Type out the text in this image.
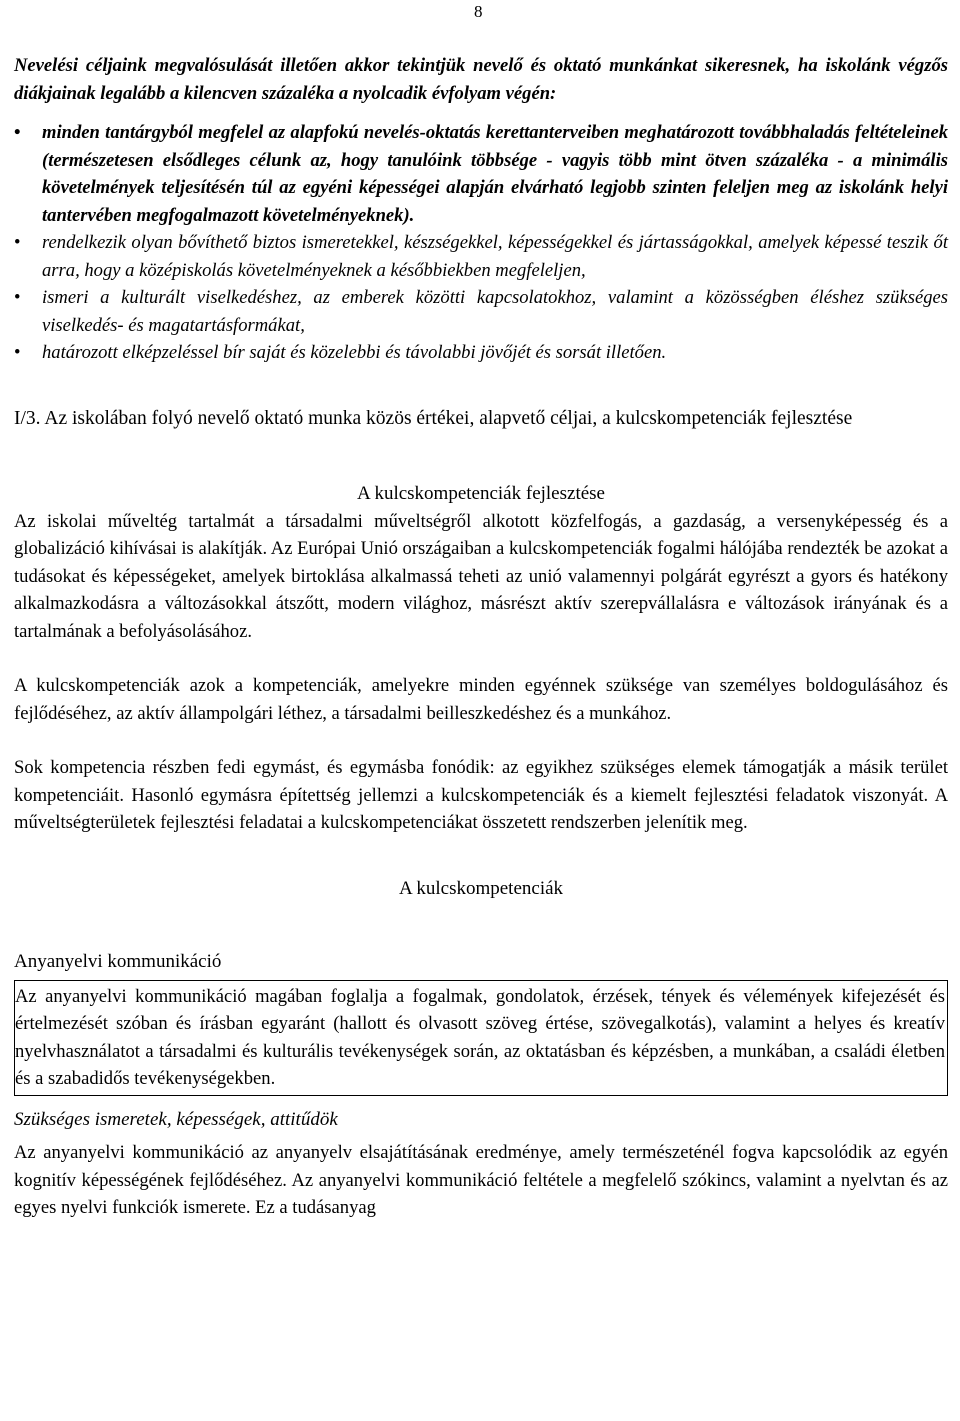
8

Nevelési céljaink megvalósulását illetően akkor tekintjük nevelő és oktató munkánkat sikeresnek, ha iskolánk végzős diákjainak legalább a kilencven százaléka a nyolcadik évfolyam végén:

• minden tantárgyból megfelel az alapfokú nevelés-oktatás kerettanterveiben meghatározott továbbhaladás feltételeinek (természetesen elsődleges célunk az, hogy tanulóink többsége - vagyis több mint ötven százaléka - a minimális követelmények teljesítésén túl az egyéni képességei alapján elvárható legjobb szinten feleljen meg az iskolánk helyi tantervében megfogalmazott követelményeknek).
• rendelkezik olyan bővíthető biztos ismeretekkel, készségekkel, képességekkel és jártasságokkal, amelyek képessé teszik őt arra, hogy a középiskolás követelményeknek a későbbiekben megfeleljen,
• ismeri a kulturált viselkedéshez, az emberek közötti kapcsolatokhoz, valamint a közösségben éléshez szükséges viselkedés- és magatartásformákat,
• határozott elképzeléssel bír saját és közelebbi és távolabbi jövőjét és sorsát illetően.
I/3. Az iskolában folyó nevelő oktató munka közös értékei, alapvető céljai, a kulcskompetenciák fejlesztése
A kulcskompetenciák fejlesztése

Az iskolai műveltég tartalmát a társadalmi műveltségről alkotott közfelfogás, a gazdaság, a versenyképesség és a globalizáció kihívásai is alakítják. Az Európai Unió országaiban a kulcskompetenciák fogalmi hálójába rendezték be azokat a tudásokat és képességeket, amelyek birtoklása alkalmassá teheti az unió valamennyi polgárát egyrészt a gyors és hatékony alkalmazkodásra a változásokkal átszőtt, modern világhoz, másrészt aktív szerepvállalásra e változások irányának és a tartalmának a befolyásolásához.

A kulcskompetenciák azok a kompetenciák, amelyekre minden egyénnek szüksége van személyes boldogulásához és fejlődéséhez, az aktív állampolgári léthez, a társadalmi beilleszkedéshez és a munkához.

Sok kompetencia részben fedi egymást, és egymásba fonódik: az egyikhez szükséges elemek támogatják a másik terület kompetenciáit. Hasonló egymásra építettség jellemzi a kulcskompetenciák és a kiemelt fejlesztési feladatok viszonyát. A műveltségterületek fejlesztési feladatai a kulcskompetenciákat összetett rendszerben jelenítik meg.

A kulcskompetenciák
Anyanyelvi kommunikáció

Az anyanyelvi kommunikáció magában foglalja a fogalmak, gondolatok, érzések, tények és vélemények kifejezését és értelmezését szóban és írásban egyaránt (hallott és olvasott szöveg értése, szövegalkotás), valamint a helyes és kreatív nyelvhasználatot a társadalmi és kulturális tevékenységek során, az oktatásban és képzésben, a munkában, a családi életben és a szabadidős tevékenységekben.

Szükséges ismeretek, képességek, attitűdök

Az anyanyelvi kommunikáció az anyanyelv elsajátításának eredménye, amely természeténél fogva kapcsolódik az egyén kognitív képességének fejlődéséhez. Az anyanyelvi kommunikáció feltétele a megfelelő szókincs, valamint a nyelvtan és az egyes nyelvi funkciók ismerete. Ez a tudásanyag
